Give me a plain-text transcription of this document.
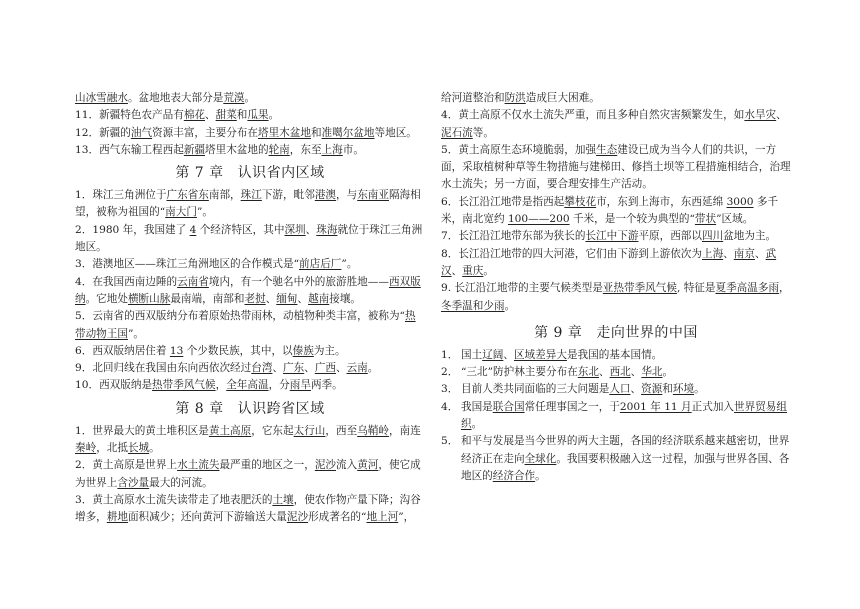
山冰雪融水。盆地地表大部分是荒漠。

11．新疆特色农产品有棉花、甜菜和瓜果。

12．新疆的油气资源丰富，主要分布在塔里木盆地和准噶尔盆地等地区。

13．西气东输工程西起新疆塔里木盆地的轮南，东至上海市。

第 7 章 认识省内区域

1．珠江三角洲位于广东省东南部，珠江下游，毗邻港澳，与东南亚隔海相望，被称为祖国的“南大门”。

2．1980 年，我国建了 4 个经济特区，其中深圳、珠海就位于珠江三角洲地区。

3．港澳地区——珠江三角洲地区的合作模式是“前店后厂”。

4．在我国西南边陲的云南省境内，有一个驰名中外的旅游胜地——西双版纳。它地处横断山脉最南端，南部和老挝、缅甸、越南接壤。

5．云南省的西双版纳分布着原始热带雨林，动植物种类丰富，被称为“热带动物王国”。

6．西双版纳居住着 13 个少数民族，其中，以傣族为主。

9．北回归线在我国由东向西依次经过台湾、广东、广西、云南。

10．西双版纳是热带季风气候，全年高温，分雨旱两季。

第 8 章 认识跨省区域

1．世界最大的黄土堆积区是黄土高原，它东起太行山，西至乌鞘岭，南连秦岭，北抵长城。

2．黄土高原是世界上水土流失最严重的地区之一，泥沙流入黄河，使它成为世界上含沙量最大的河流。

3．黄土高原水土流失读带走了地表肥沃的土壤，使农作物产量下降；沟谷增多，耕地面积减少；还向黄河下游输送大量泥沙形成著名的“地上河”，

给河道整治和防洪造成巨大困难。

4．黄土高原不仅水土流失严重，而且多种自然灾害频繁发生，如水旱灾、泥石流等。

5．黄土高原生态环境脆弱，加强生态建设已成为当今人们的共识，一方面，采取植树种草等生物措施与建梯田、修挡土坝等工程措施相结合，治理水土流失；另一方面，要合理安排生产活动。

6．长江沿江地带是指西起攀枝花市，东到上海市，东西延绵 3000 多千米，南北宽约 100——200 千米，是一个较为典型的“带状”区域。

7．长江沿江地带东部为狭长的长江中下游平原，西部以四川盆地为主。

8．长江沿江地带的四大河港，它们由下游到上游依次为上海、南京、武汉、重庆。

9. 长江沿江地带的主要气候类型是亚热带季风气候, 特征是夏季高温多雨，冬季温和少雨。

第 9 章 走向世界的中国
1． 国土辽阔、区域差异大是我国的基本国情。
2． “三北”防护林主要分布在东北、西北、华北。
3． 目前人类共同面临的三大问题是人口、资源和环境。
4． 我国是联合国常任理事国之一，于2001 年 11 月正式加入世界贸易组织。
5． 和平与发展是当今世界的两大主题，各国的经济联系越来越密切，世界经济正在走向全球化。我国要积极融入这一过程，加强与世界各国、各地区的经济合作。
